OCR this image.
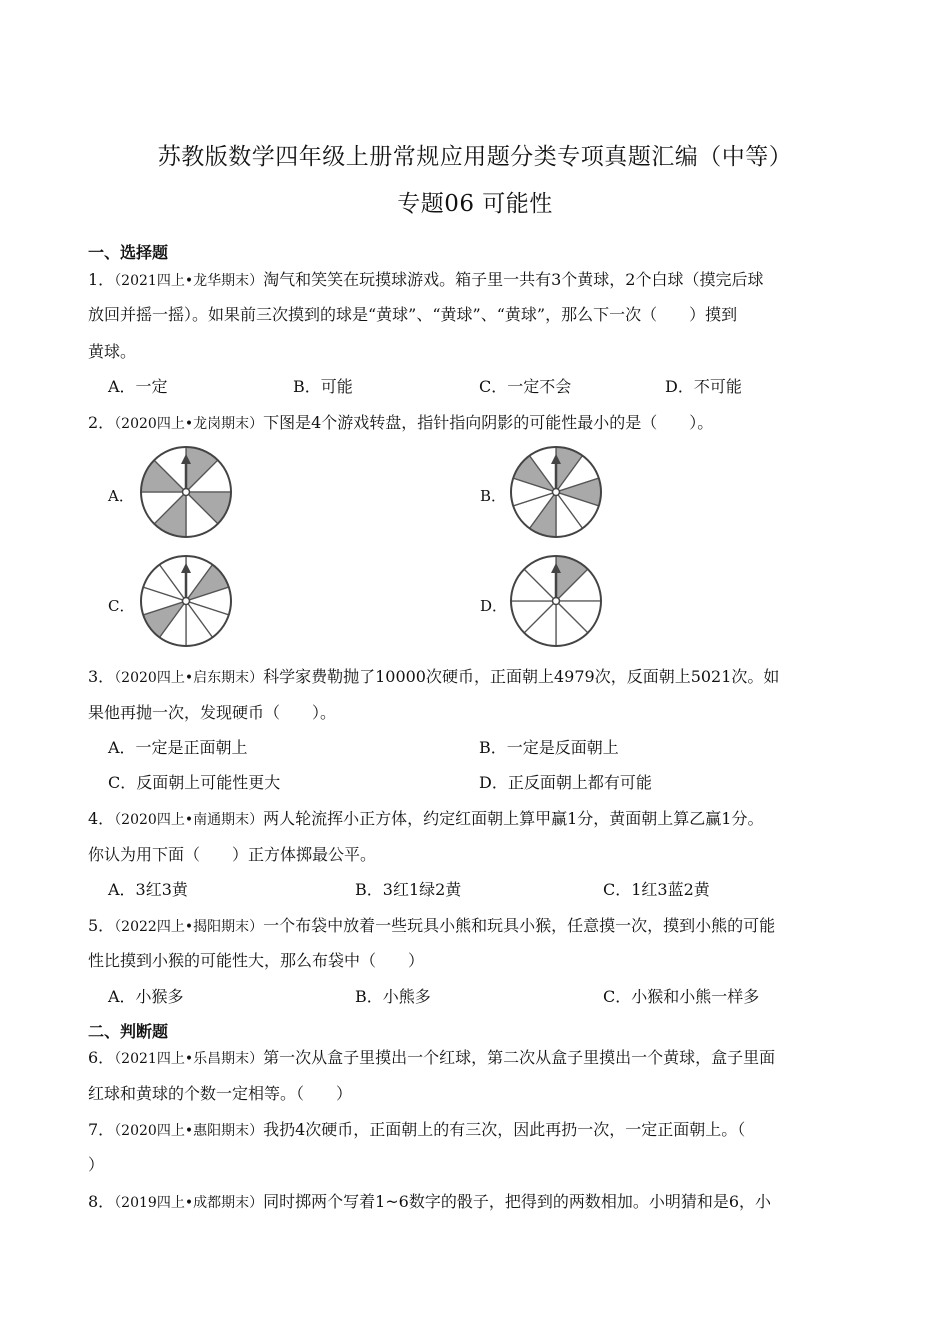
苏教版数学四年级上册常规应用题分类专项真题汇编（中等）
专题06 可能性
一、选择题
1．（2021四上•龙华期末）淘气和笑笑在玩摸球游戏。箱子里一共有3个黄球，2个白球（摸完后球
放回并摇一摇）。如果前三次摸到的球是“黄球”、“黄球”、“黄球”，那么下一次（　　）摸到
黄球。
A．一定	B．可能	C．一定不会	D．不可能
2．（2020四上•龙岗期末）下图是4个游戏转盘，指针指向阴影的可能性最小的是（　　）。
A．	B．
C．	D．
3．（2020四上•启东期末）科学家费勒抛了10000次硬币，正面朝上4979次，反面朝上5021次。如
果他再抛一次，发现硬币（　　）。
A．一定是正面朝上	B．一定是反面朝上
C．反面朝上可能性更大	D．正反面朝上都有可能
4．（2020四上•南通期末）两人轮流挥小正方体，约定红面朝上算甲赢1分，黄面朝上算乙赢1分。
你认为用下面（　　）正方体掷最公平。
A．3红3黄	B．3红1绿2黄	C．1红3蓝2黄
5．（2022四上•揭阳期末）一个布袋中放着一些玩具小熊和玩具小猴，任意摸一次，摸到小熊的可能
性比摸到小猴的可能性大，那么布袋中（　　）
A．小猴多	B．小熊多	C．小猴和小熊一样多
二、判断题
6．（2021四上•乐昌期末）第一次从盒子里摸出一个红球，第二次从盒子里摸出一个黄球，盒子里面
红球和黄球的个数一定相等。（　　）
7．（2020四上•惠阳期末）我扔4次硬币，正面朝上的有三次，因此再扔一次，一定正面朝上。（
）
8．（2019四上•成都期末）同时掷两个写着1~6数字的骰子，把得到的两数相加。小明猜和是6，小
